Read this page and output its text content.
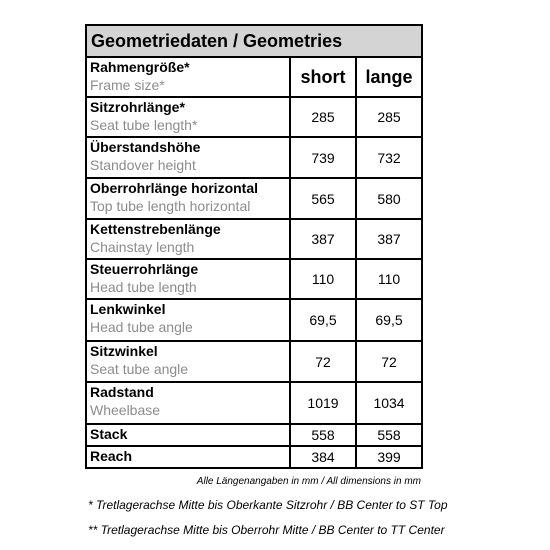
Geometriedaten / Geometries		

Rahmengröße*
Frame size*	short	lange

Sitzrohrlänge*
Seat tube length*	285	285

Überstandshöhe
Standover height	739	732

Oberrohrlänge horizontal
Top tube length horizontal	565	580

Kettenstrebenlänge
Chainstay length	387	387

Steuerrohrlänge
Head tube length	110	110

Lenkwinkel
Head tube angle	69,5	69,5

Sitzwinkel
Seat tube angle	72	72

Radstand
Wheelbase	1019	1034

Stack	558	558

Reach	384	399
Alle Längenangaben in mm / All dimensions in mm
* Tretlagerachse Mitte bis Oberkante Sitzrohr / BB Center to ST Top
** Tretlagerachse Mitte bis Oberrohr Mitte / BB Center to TT Center
